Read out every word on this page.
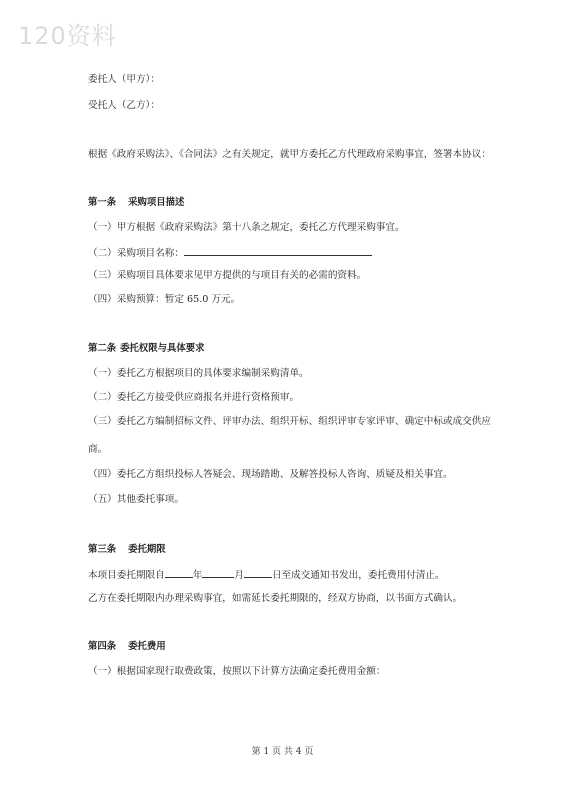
120资料
委托人（甲方）：
受托人（乙方）：
根据《政府采购法》、《合同法》之有关规定，就甲方委托乙方代理政府采购事宜，签署本协议：
第一条 采购项目描述
（一）甲方根据《政府采购法》第十八条之规定，委托乙方代理采购事宜。
（二）采购项目名称：
（三）采购项目具体要求见甲方提供的与项目有关的必需的资料。
（四）采购预算：暂定 65.0 万元。
第二条 委托权限与具体要求
（一）委托乙方根据项目的具体要求编制采购清单。
（二）委托乙方接受供应商报名并进行资格预审。
（三）委托乙方编制招标文件、评审办法、组织开标、组织评审专家评审、确定中标或成交供应
商。
（四）委托乙方组织投标人答疑会、现场踏勘、及解答投标人咨询、质疑及相关事宜。
（五）其他委托事项。
第三条 委托期限
本项目委托期限自	年	月	日至成交通知书发出，委托费用付清止。
乙方在委托期限内办理采购事宜，如需延长委托期限的，经双方协商，以书面方式确认。
第四条 委托费用
（一）根据国家现行取费政策，按照以下计算方法确定委托费用金额：
第 1 页 共 4 页
